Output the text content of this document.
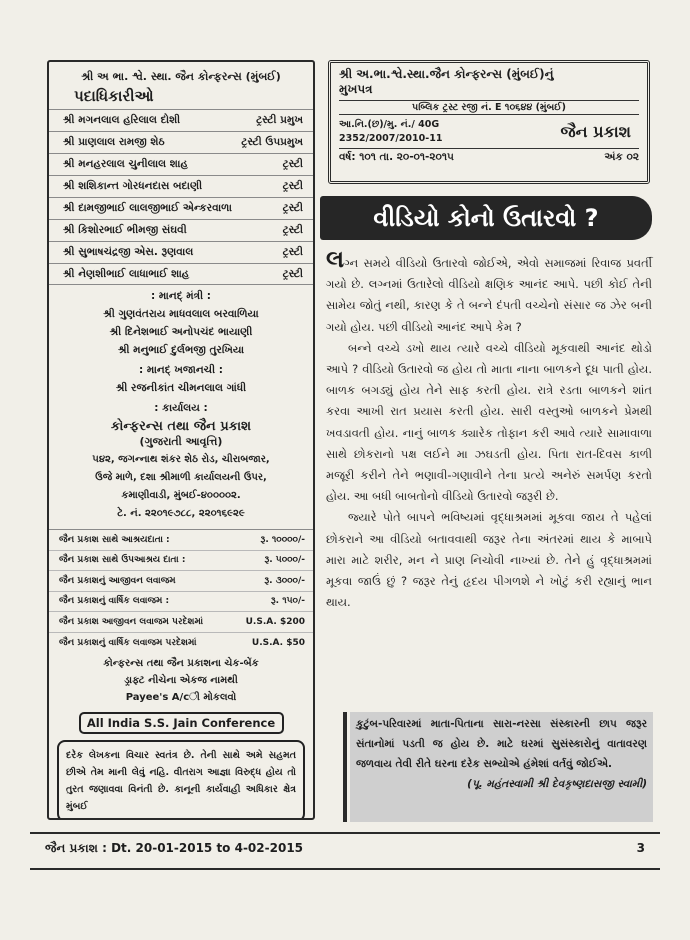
શ્રી અ ભા. શ્વે. સ્થા. જૈન કોન્ફરન્સ (મુંબઈ)
પદાધિકારીઓ
શ્રી મગનલાલ હરિલાલ દોશી	ટ્રસ્ટી પ્રમુખ
શ્રી પ્રાણલાલ રામજી શેઠ	ટ્રસ્ટી ઉપપ્રમુખ
શ્રી મનહરલાલ ચુનીલાલ શાહ	ટ્રસ્ટી
શ્રી શશિકાન્ત ગોરધનદાસ બદાણી	ટ્રસ્ટી
શ્રી દામજીભાઈ લાલજીભાઈ એન્કરવાળા	ટ્રસ્ટી
શ્રી કિશોરભાઈ ભીમજી સંઘવી	ટ્રસ્ટી
શ્રી સુભાષચંદ્રજી એસ. રૂણવાલ	ટ્રસ્ટી
શ્રી નેણશીભાઈ લાધાભાઈ શાહ	ટ્રસ્ટી
: માનદ્ મંત્રી :
શ્રી ગુણવંતરાય માધવલાલ બરવાળિયા
શ્રી દિનેશભાઈ અનોપચંદ ભાયાણી
શ્રી મનુભાઈ દુર્લભજી તુરખિયા
: માનદ્ ખજાનચી :
શ્રી રજનીકાંત ચીમનલાલ ગાંધી
: કાર્યાલય :
કોન્ફરન્સ તથા જૈન પ્રકાશ
(ગુજરાતી આવૃત્તિ)
૫૪૨, જગન્નાથ શંકર શેઠ રોડ, ચીરાબજાર,
ઉજે માળે, દશા શ્રીમાળી કાર્યાલયની ઉપર,
કમાણીવાડી, મુંબઈ-૪૦૦૦૦૨.
ટે. નં. ૨૨૦૧૯૭૮૮, ૨૨૦૧૬૯૨૯
જૈન પ્રકાશ સાથે આશ્રયદાતા :	રૂ. ૧૦૦૦૦/-
જૈન પ્રકાશ સાથે ઉપઆશ્રય દાતા :	રૂ. ૫૦૦૦/-
જૈન પ્રકાશનું આજીવન લવાજમ	રૂ. ૩૦૦૦/-
જૈન પ્રકાશનું વાર્ષિક લવાજમ :	રૂ. ૧૫૦/-
જૈન પ્રકાશ આજીવન લવાજમ પરદેશમાં	U.S.A. $200
જૈન પ્રકાશનું વાર્ષિક લવાજમ પરદેશમાં	U.S.A. $50
કોન્ફરન્સ તથા જૈન પ્રકાશના ચેક-બેંક
ડ્રાફ્ટ નીચેના એકજ નામથી
Payee's A/cી મોકલવો
All India S.S. Jain Conference
દરેક લેખકના વિચાર સ્વતંત્ર છે. તેની સાથે અમે સહમત છીએ તેમ માની લેવું નહિ. વીતરાગ આજ્ઞા વિરુદ્ધ હોય તો તુરત જણાવવા વિનંતી છે. કાનૂની કાર્યવાહી અધિકાર ક્ષેત્ર મુંબઈ
શ્રી અ.ભા.શ્વે.સ્થા.જૈન કોન્ફરન્સ (મુંબઈ)નું
મુખપત્ર
પબ્લિક ટ્રસ્ટ રજી નં. E ૧૦૬૪૪ (મુંબઈ)
આ.નિ.(છ)/મુ. નં./ 40G
2352/2007/2010-11	જૈન પ્રકાશ
વર્ષ: ૧૦૧ તા. ૨૦-૦૧-૨૦૧૫	અંક ૦૨
વીડિયો કોનો ઉતારવો ?

લગ્ન સમયે વીડિયો ઉતારવો જોઈએ, એવો સમાજમાં રિવાજ પ્રવર્તી ગયો છે. લગ્નમાં ઉતારેલો વીડિયો ક્ષણિક આનંદ આપે. પછી કોઈ તેની સામેય જોતું નથી, કારણ કે તે બન્ને દંપતી વચ્ચેનો સંસાર જ ઝેર બની ગયો હોય. પછી વીડિયો આનંદ આપે કેમ ?

બન્ને વચ્ચે ડખો થાય ત્યારે વચ્ચે વીડિયો મૂકવાથી આનંદ થોડો આપે ? વીડિયો ઉતારવો જ હોય તો માતા નાના બાળકને દૂધ પાતી હોય. બાળક બગડ્યું હોય તેને સાફ કરતી હોય. રાત્રે રડતા બાળકને શાંત કરવા આખી રાત પ્રયાસ કરતી હોય. સારી વસ્તુઓ બાળકને પ્રેમથી ખવડાવતી હોય. નાનું બાળક ક્યારેક તોફાન કરી આવે ત્યારે સામાવાળા સાથે છોકરાનો પક્ષ લઈને મા ઝઘડતી હોય. પિતા રાત-દિવસ કાળી મજૂરી કરીને તેને ભણાવી-ગણાવીને તેના પ્રત્યે અનેરું સમર્પણ કરતો હોય. આ બધી બાબતોનો વીડિયો ઉતારવો જરૂરી છે.

જ્યારે પોતે બાપને ભવિષ્યમાં વૃદ્ધાશ્રમમાં મૂકવા જાય તે પહેલાં છોકરાને આ વીડિયો બતાવવાથી જરૂર તેના અંતરમાં થાય કે માબાપે મારા માટે શરીર, મન ને પ્રાણ નિચોવી નાખ્યાં છે. તેને હું વૃદ્ધાશ્રમમાં મૂકવા જાઉં છું ? જરૂર તેનું હૃદય પીગળશે ને ખોટું કરી રહ્યાનું ભાન થાય.

કુટુંબ-પરિવારમાં માતા-પિતાના સારા-નરસા સંસ્કારની છાપ જરૂર સંતાનોમાં પડતી જ હોય છે. માટે ઘરમાં સુસંસ્કારોનું વાતાવરણ જળવાય તેવી રીતે ઘરના દરેક સભ્યોએ હંમેશાં વર્તવું જોઈએ.
(પૂ. મહંતસ્વામી શ્રી દેવકૃષ્ણદાસજી સ્વામી)
જૈન પ્રકાશ : Dt. 20-01-2015 to 4-02-2015	3
